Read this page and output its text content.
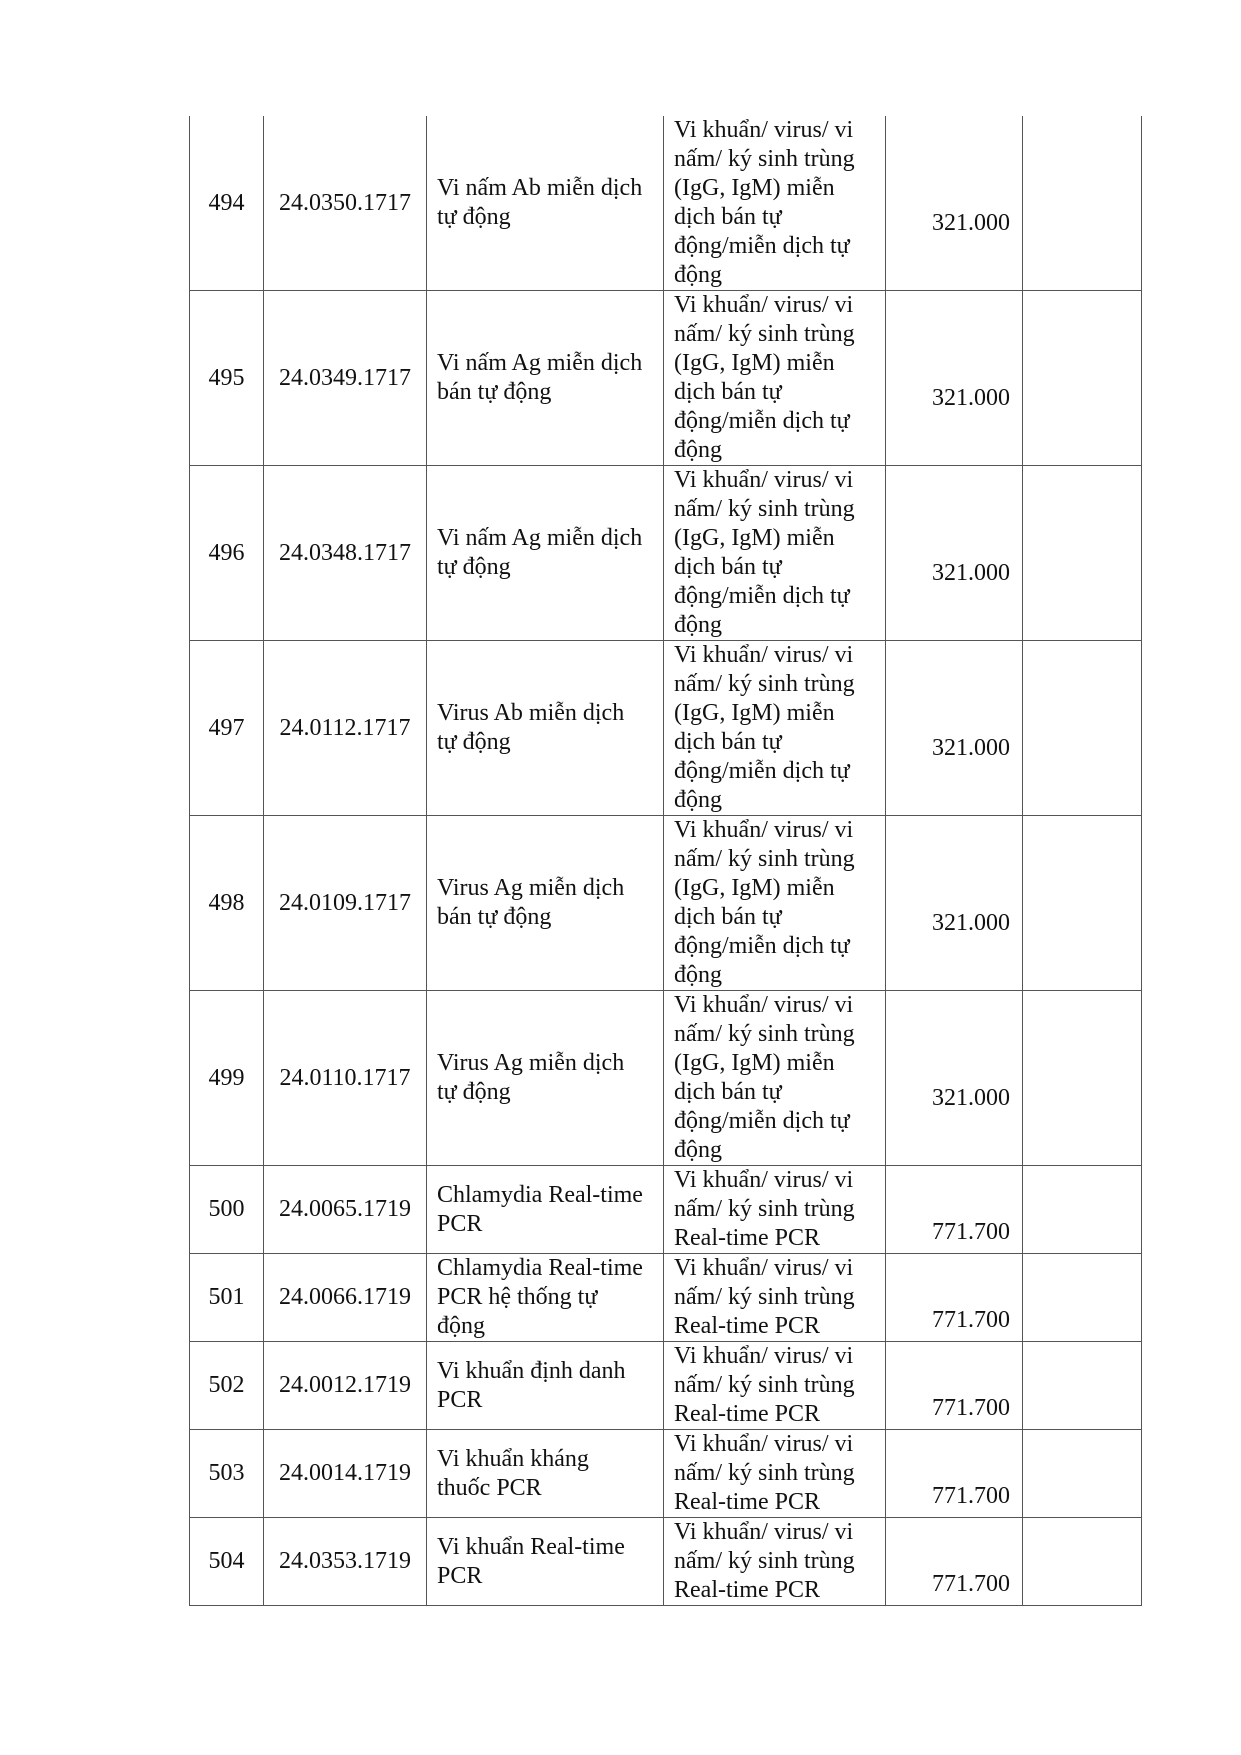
494	24.0350.1717	Vi nấm Ab miễn dịch tự động	Vi khuẩn/ virus/ vi nấm/ ký sinh trùng (IgG, IgM) miễn dịch bán tự động/miễn dịch tự động	321.000	
495	24.0349.1717	Vi nấm Ag miễn dịch bán tự động	Vi khuẩn/ virus/ vi nấm/ ký sinh trùng (IgG, IgM) miễn dịch bán tự động/miễn dịch tự động	321.000	
496	24.0348.1717	Vi nấm Ag miễn dịch tự động	Vi khuẩn/ virus/ vi nấm/ ký sinh trùng (IgG, IgM) miễn dịch bán tự động/miễn dịch tự động	321.000	
497	24.0112.1717	Virus Ab miễn dịch tự động	Vi khuẩn/ virus/ vi nấm/ ký sinh trùng (IgG, IgM) miễn dịch bán tự động/miễn dịch tự động	321.000	
498	24.0109.1717	Virus Ag miễn dịch bán tự động	Vi khuẩn/ virus/ vi nấm/ ký sinh trùng (IgG, IgM) miễn dịch bán tự động/miễn dịch tự động	321.000	
499	24.0110.1717	Virus Ag miễn dịch tự động	Vi khuẩn/ virus/ vi nấm/ ký sinh trùng (IgG, IgM) miễn dịch bán tự động/miễn dịch tự động	321.000	
500	24.0065.1719	Chlamydia Real-time PCR	Vi khuẩn/ virus/ vi nấm/ ký sinh trùng Real-time PCR	771.700	
501	24.0066.1719	Chlamydia Real-time PCR hệ thống tự động	Vi khuẩn/ virus/ vi nấm/ ký sinh trùng Real-time PCR	771.700	
502	24.0012.1719	Vi khuẩn định danh PCR	Vi khuẩn/ virus/ vi nấm/ ký sinh trùng Real-time PCR	771.700	
503	24.0014.1719	Vi khuẩn kháng thuốc PCR	Vi khuẩn/ virus/ vi nấm/ ký sinh trùng Real-time PCR	771.700	
504	24.0353.1719	Vi khuẩn Real-time PCR	Vi khuẩn/ virus/ vi nấm/ ký sinh trùng Real-time PCR	771.700	
